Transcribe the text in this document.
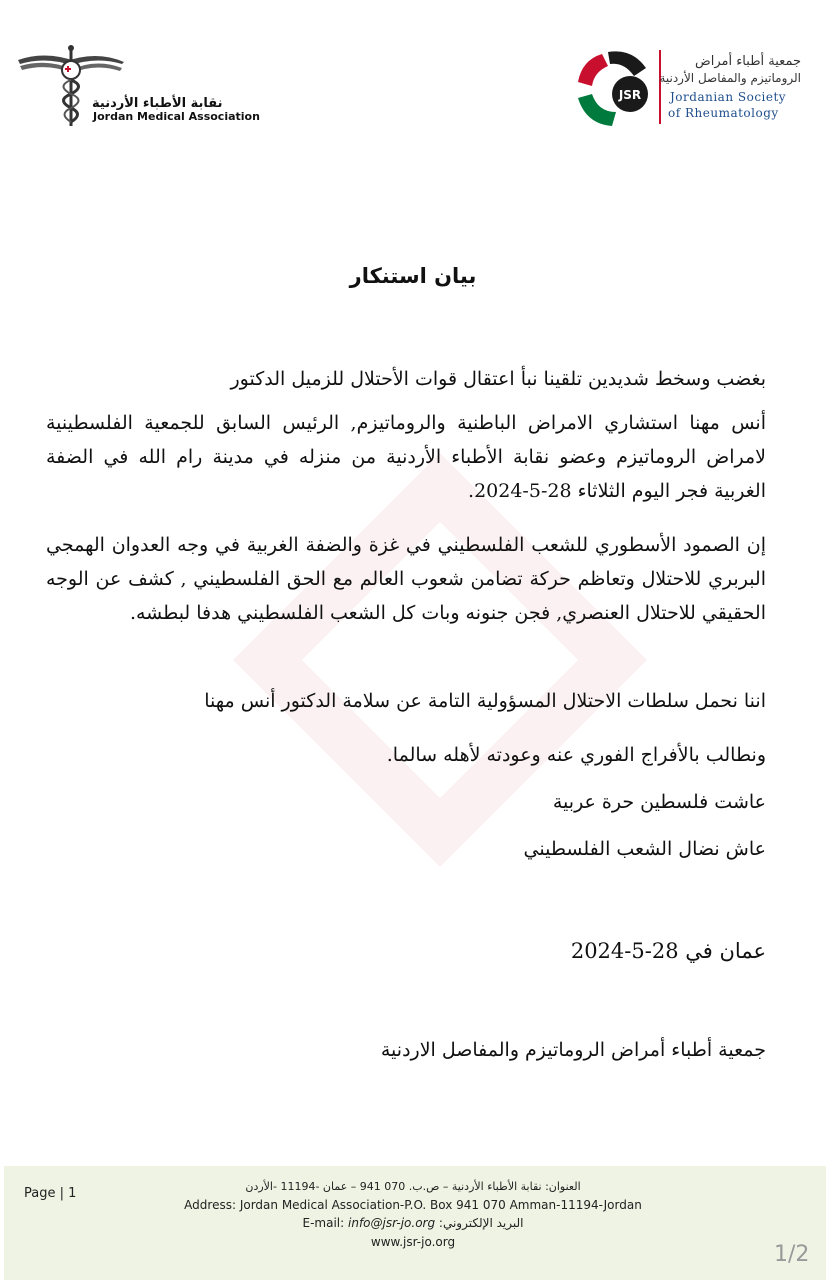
نقابة الأطباء الأردنية
Jordan Medical Association
JSR
جمعية أطباء أمراض
الروماتيزم والمفاصل الأردنية
Jordanian Society
of Rheumatology
بيان استنكار
بغضب وسخط شديدين تلقينا نبأ اعتقال قوات الأحتلال للزميل الدكتور
أنس مهنا استشاري الامراض الباطنية والروماتيزم, الرئيس السابق للجمعية الفلسطينية لامراض الروماتيزم وعضو نقابة الأطباء الأردنية من منزله في مدينة رام الله في الضفة الغربية فجر اليوم الثلاثاء 28-5-2024.
إن الصمود الأسطوري للشعب الفلسطيني في غزة والضفة الغربية في وجه العدوان الهمجي البربري للاحتلال وتعاظم حركة تضامن شعوب العالم مع الحق الفلسطيني , كشف عن الوجه الحقيقي للاحتلال العنصري, فجن جنونه وبات كل الشعب الفلسطيني هدفا لبطشه.
اننا نحمل سلطات الاحتلال المسؤولية التامة عن سلامة الدكتور أنس مهنا
ونطالب بالأفراج الفوري عنه وعودته لأهله سالما.
عاشت فلسطين حرة عربية
عاش نضال الشعب الفلسطيني
عمان في 28-5-2024
جمعية أطباء أمراض الروماتيزم والمفاصل الاردنية
Page | 1	العنوان: نقابة الأطباء الأردنية – ص.ب. 070 941 – عمان -11194 -الأردن
Address: Jordan Medical Association-P.O. Box 941 070 Amman-11194-Jordan
E-mail: info@jsr-jo.org :البريد الإلكتروني
www.jsr-jo.org	1/2
